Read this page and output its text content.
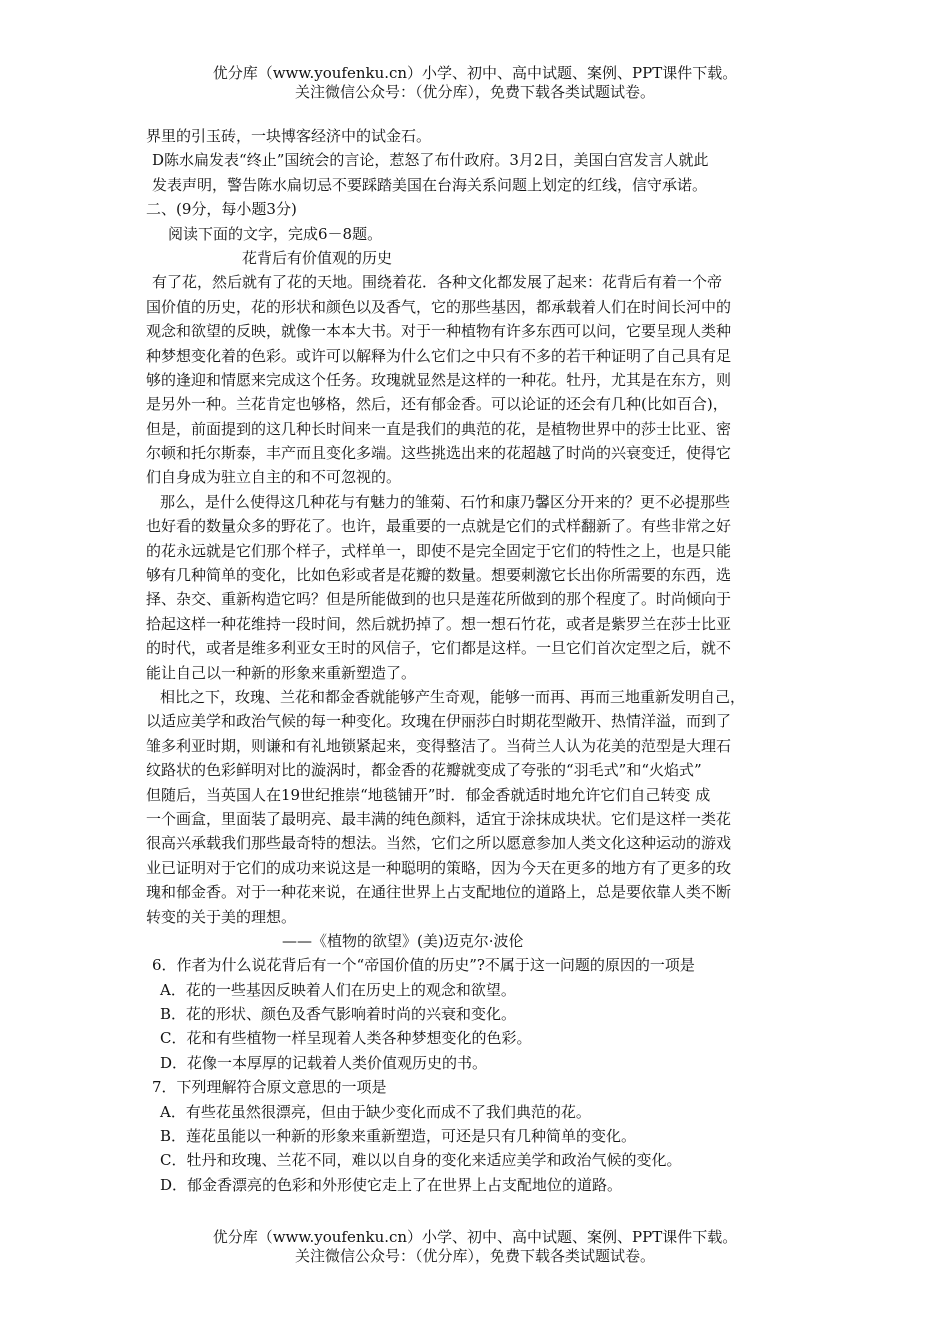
优分库（www.youfenku.cn）小学、初中、高中试题、案例、PPT课件下载。
关注微信公众号：（优分库），免费下载各类试题试卷。
界里的引玉砖，一块博客经济中的试金石。
D陈水扁发表“终止”国统会的言论，惹怒了布什政府。3月2日，美国白宫发言人就此
发表声明，警告陈水扁切忌不要踩踏美国在台海关系问题上划定的红线，信守承诺。
二、(9分，每小题3分)
阅读下面的文字，完成6－8题。
花背后有价值观的历史
有了花，然后就有了花的天地。围绕着花．各种文化都发展了起来：花背后有着一个帝
国价值的历史，花的形状和颜色以及香气，它的那些基因，都承载着人们在时间长河中的
观念和欲望的反映，就像一本本大书。对于一种植物有许多东西可以问，它要呈现人类种
种梦想变化着的色彩。或许可以解释为什么它们之中只有不多的若干种证明了自己具有足
够的逢迎和情愿来完成这个任务。玫瑰就显然是这样的一种花。牡丹，尤其是在东方，则
是另外一种。兰花肯定也够格，然后，还有郁金香。可以论证的还会有几种(比如百合)，
但是，前面提到的这几种长时间来一直是我们的典范的花，是植物世界中的莎士比亚、密
尔顿和托尔斯泰，丰产而且变化多端。这些挑选出来的花超越了时尚的兴衰变迁，使得它
们自身成为驻立自主的和不可忽视的。
那么，是什么使得这几种花与有魅力的雏菊、石竹和康乃馨区分开来的？更不必提那些
也好看的数量众多的野花了。也许，最重要的一点就是它们的式样翻新了。有些非常之好
的花永远就是它们那个样子，式样单一，即使不是完全固定于它们的特性之上，也是只能
够有几种简单的变化，比如色彩或者是花瓣的数量。想要刺激它长出你所需要的东西，选
择、杂交、重新构造它吗？但是所能做到的也只是莲花所做到的那个程度了。时尚倾向于
拾起这样一种花维持一段时间，然后就扔掉了。想一想石竹花，或者是紫罗兰在莎士比亚
的时代，或者是维多利亚女王时的风信子，它们都是这样。一旦它们首次定型之后，就不
能让自己以一种新的形象来重新塑造了。
相比之下，玫瑰、兰花和都金香就能够产生奇观，能够一而再、再而三地重新发明自己，
以适应美学和政治气候的每一种变化。玫瑰在伊丽莎白时期花型敞开、热情洋溢，而到了
雏多利亚时期，则谦和有礼地锁紧起来，变得整洁了。当荷兰人认为花美的范型是大理石
纹路状的色彩鲜明对比的漩涡时，都金香的花瓣就变成了夸张的“羽毛式”和“火焰式”
但随后，当英国人在19世纪推崇“地毯铺开”时．郁金香就适时地允许它们自己转变 成
一个画盒，里面装了最明亮、最丰满的纯色颜料，适宜于涂抹成块状。它们是这样一类花
很高兴承载我们那些最奇特的想法。当然，它们之所以愿意参加人类文化这种运动的游戏
业已证明对于它们的成功来说这是一种聪明的策略，因为今天在更多的地方有了更多的玫
瑰和郁金香。对于一种花来说，在通往世界上占支配地位的道路上，总是要依靠人类不断
转变的关于美的理想。
——《植物的欲望》(美)迈克尔·波伦
6．作者为什么说花背后有一个“帝国价值的历史”?不属于这一问题的原因的一项是
A．花的一些基因反映着人们在历史上的观念和欲望。
B．花的形状、颜色及香气影响着时尚的兴衰和变化。
C．花和有些植物一样呈现着人类各种梦想变化的色彩。
D．花像一本厚厚的记载着人类价值观历史的书。
7．下列理解符合原文意思的一项是
A．有些花虽然很漂亮，但由于缺少变化而成不了我们典范的花。
B．莲花虽能以一种新的形象来重新塑造，可还是只有几种简单的变化。
C．牡丹和玫瑰、兰花不同，难以以自身的变化来适应美学和政治气候的变化。
D．郁金香漂亮的色彩和外形使它走上了在世界上占支配地位的道路。
优分库（www.youfenku.cn）小学、初中、高中试题、案例、PPT课件下载。
关注微信公众号：（优分库），免费下载各类试题试卷。
